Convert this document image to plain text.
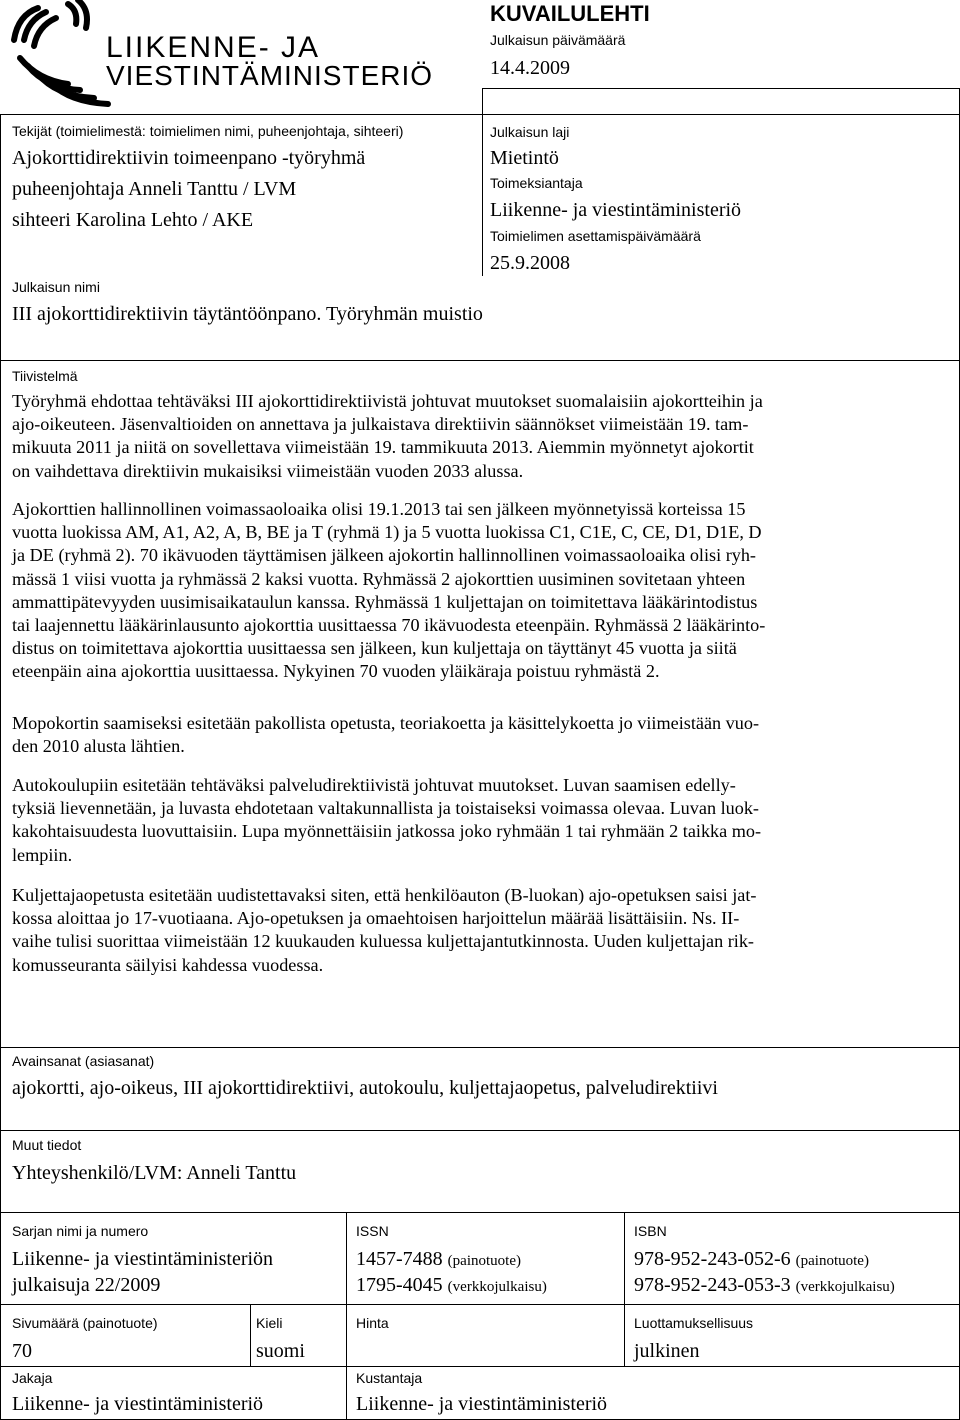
LIIKENNE- JA
VIESTINTÄMINISTERIÖ
KUVAILULEHTI
Julkaisun päivämäärä
14.4.2009
Tekijät (toimielimestä: toimielimen nimi, puheenjohtaja, sihteeri)
Ajokorttidirektiivin toimeenpano -työryhmä
puheenjohtaja Anneli Tanttu / LVM
sihteeri Karolina Lehto / AKE
Julkaisun laji
Mietintö
Toimeksiantaja
Liikenne- ja viestintäministeriö
Toimielimen asettamispäivämäärä
25.9.2008
Julkaisun nimi
III ajokorttidirektiivin täytäntöönpano. Työryhmän muistio
Tiivistelmä
Työryhmä ehdottaa tehtäväksi III ajokorttidirektiivistä johtuvat muutokset suomalaisiin ajokortteihin ja
ajo-oikeuteen. Jäsenvaltioiden on annettava ja julkaistava direktiivin säännökset viimeistään 19. tam-
mikuuta 2011 ja niitä on sovellettava viimeistään 19. tammikuuta 2013. Aiemmin myönnetyt ajokortit
on vaihdettava direktiivin mukaisiksi viimeistään vuoden 2033 alussa.
Ajokorttien hallinnollinen voimassaoloaika olisi 19.1.2013 tai sen jälkeen myönnetyissä korteissa 15
vuotta luokissa AM, A1, A2, A, B, BE ja T (ryhmä 1) ja 5 vuotta luokissa C1, C1E, C, CE, D1, D1E, D
ja DE (ryhmä 2). 70 ikävuoden täyttämisen jälkeen ajokortin hallinnollinen voimassaoloaika olisi ryh-
mässä 1 viisi vuotta ja ryhmässä 2 kaksi vuotta. Ryhmässä 2 ajokorttien uusiminen sovitetaan yhteen
ammattipätevyyden uusimisaikataulun kanssa. Ryhmässä 1 kuljettajan on toimitettava lääkärintodistus
tai laajennettu lääkärinlausunto ajokorttia uusittaessa 70 ikävuodesta eteenpäin. Ryhmässä 2 lääkärinto-
distus on toimitettava ajokorttia uusittaessa sen jälkeen, kun kuljettaja on täyttänyt 45 vuotta ja siitä
eteenpäin aina ajokorttia uusittaessa. Nykyinen 70 vuoden yläikäraja poistuu ryhmästä 2.
Mopokortin saamiseksi esitetään pakollista opetusta, teoriakoetta ja käsittelykoetta jo viimeistään vuo-
den 2010 alusta lähtien.
Autokoulupiin esitetään tehtäväksi palveludirektiivistä johtuvat muutokset. Luvan saamisen edelly-
tyksiä lievennetään, ja luvasta ehdotetaan valtakunnallista ja toistaiseksi voimassa olevaa. Luvan luok-
kakohtaisuudesta luovuttaisiin. Lupa myönnettäisiin jatkossa joko ryhmään 1 tai ryhmään 2 taikka mo-
lempiin.
Kuljettajaopetusta esitetään uudistettavaksi siten, että henkilöauton (B-luokan) ajo-opetuksen saisi jat-
kossa aloittaa jo 17-vuotiaana. Ajo-opetuksen ja omaehtoisen harjoittelun määrää lisättäisiin. Ns. II-
vaihe tulisi suorittaa viimeistään 12 kuukauden kuluessa kuljettajantutkinnosta. Uuden kuljettajan rik-
komusseuranta säilyisi kahdessa vuodessa.
Avainsanat (asiasanat)
ajokortti, ajo-oikeus, III ajokorttidirektiivi, autokoulu, kuljettajaopetus, palveludirektiivi
Muut tiedot
Yhteyshenkilö/LVM: Anneli Tanttu
Sarjan nimi ja numero
Liikenne- ja viestintäministeriön
julkaisuja 22/2009
ISSN
1457-7488 (painotuote)
1795-4045 (verkkojulkaisu)
ISBN
978-952-243-052-6 (painotuote)
978-952-243-053-3 (verkkojulkaisu)
Sivumäärä (painotuote)
70
Kieli
suomi
Hinta	Luottamuksellisuus
julkinen
Jakaja
Liikenne- ja viestintäministeriö
Kustantaja
Liikenne- ja viestintäministeriö
